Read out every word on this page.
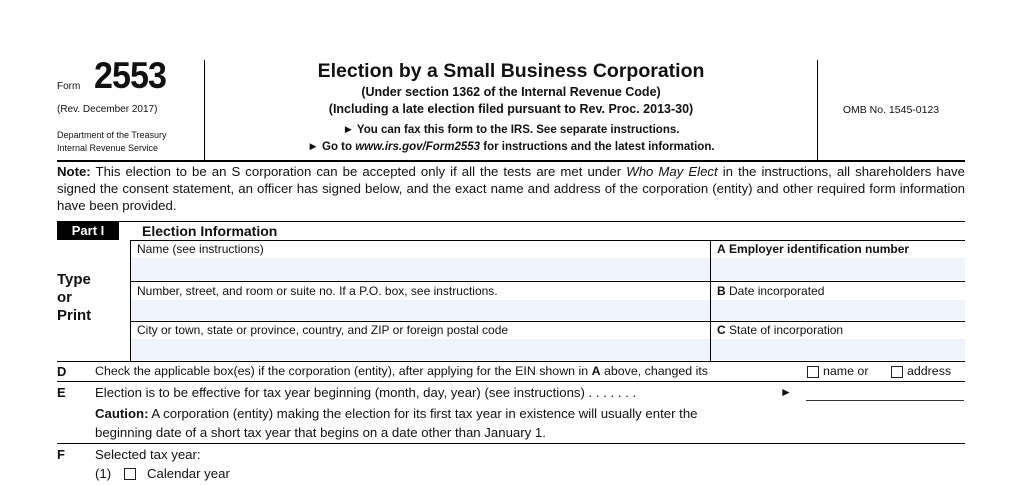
Form 2553
(Rev. December 2017)
Department of the Treasury
Internal Revenue Service
Election by a Small Business Corporation
(Under section 1362 of the Internal Revenue Code)
(Including a late election filed pursuant to Rev. Proc. 2013-30)
► You can fax this form to the IRS. See separate instructions.
► Go to www.irs.gov/Form2553 for instructions and the latest information.
OMB No. 1545-0123
Note: This election to be an S corporation can be accepted only if all the tests are met under Who May Elect in the instructions, all shareholders have signed the consent statement, an officer has signed below, and the exact name and address of the corporation (entity) and other required form information have been provided.
Part I	Election Information
Type
or
Print
Name (see instructions)	A Employer identification number
Number, street, and room or suite no. If a P.O. box, see instructions.	B Date incorporated
City or town, state or province, country, and ZIP or foreign postal code	C State of incorporation
D Check the applicable box(es) if the corporation (entity), after applying for the EIN shown in A above, changed its	name or	address
E Election is to be effective for tax year beginning (month, day, year) (see instructions) . . . . . . .	►
Caution: A corporation (entity) making the election for its first tax year in existence will usually enter the
beginning date of a short tax year that begins on a date other than January 1.
F Selected tax year:
(1)	Calendar year
